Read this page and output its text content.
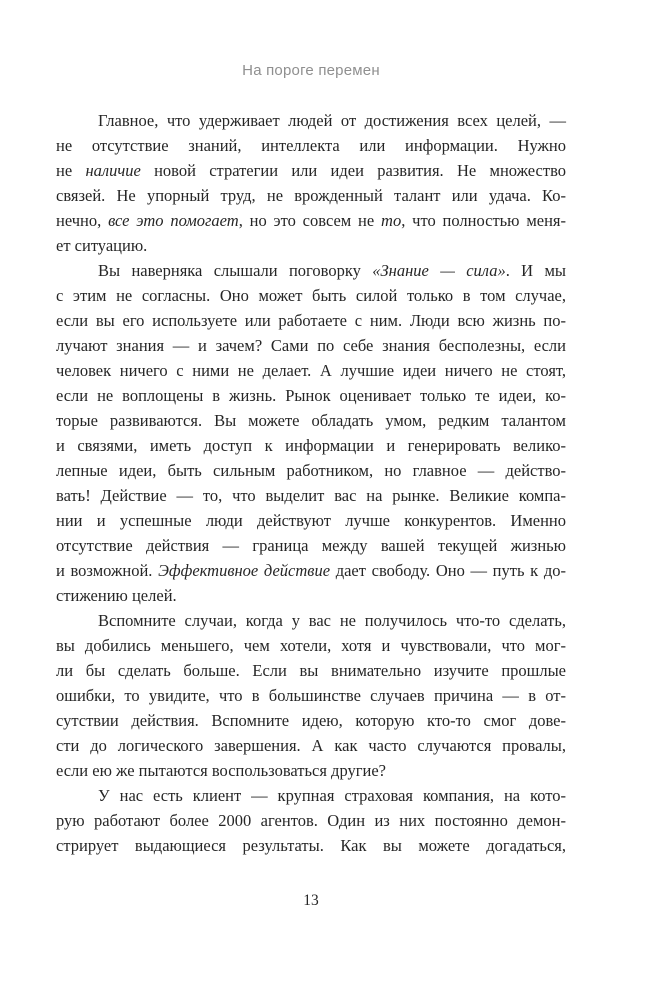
На пороге перемен
Главное, что удерживает людей от достижения всех целей, —
не отсутствие знаний, интеллекта или информации. Нужно
не наличие новой стратегии или идеи развития. Не множество
связей. Не упорный труд, не врожденный талант или удача. Ко-
нечно, все это помогает, но это совсем не то, что полностью меня-
ет ситуацию.
Вы наверняка слышали поговорку «Знание — сила». И мы
с этим не согласны. Оно может быть силой только в том случае,
если вы его используете или работаете с ним. Люди всю жизнь по-
лучают знания — и зачем? Сами по себе знания бесполезны, если
человек ничего с ними не делает. А лучшие идеи ничего не стоят,
если не воплощены в жизнь. Рынок оценивает только те идеи, ко-
торые развиваются. Вы можете обладать умом, редким талантом
и связями, иметь доступ к информации и генерировать велико-
лепные идеи, быть сильным работником, но главное — действо-
вать! Действие — то, что выделит вас на рынке. Великие компа-
нии и успешные люди действуют лучше конкурентов. Именно
отсутствие действия — граница между вашей текущей жизнью
и возможной. Эффективное действие дает свободу. Оно — путь к до-
стижению целей.
Вспомните случаи, когда у вас не получилось что-то сделать,
вы добились меньшего, чем хотели, хотя и чувствовали, что мог-
ли бы сделать больше. Если вы внимательно изучите прошлые
ошибки, то увидите, что в большинстве случаев причина — в от-
сутствии действия. Вспомните идею, которую кто-то смог дове-
сти до логического завершения. А как часто случаются провалы,
если ею же пытаются воспользоваться другие?
У нас есть клиент — крупная страховая компания, на кото-
рую работают более 2000 агентов. Один из них постоянно демон-
стрирует выдающиеся результаты. Как вы можете догадаться,
13
